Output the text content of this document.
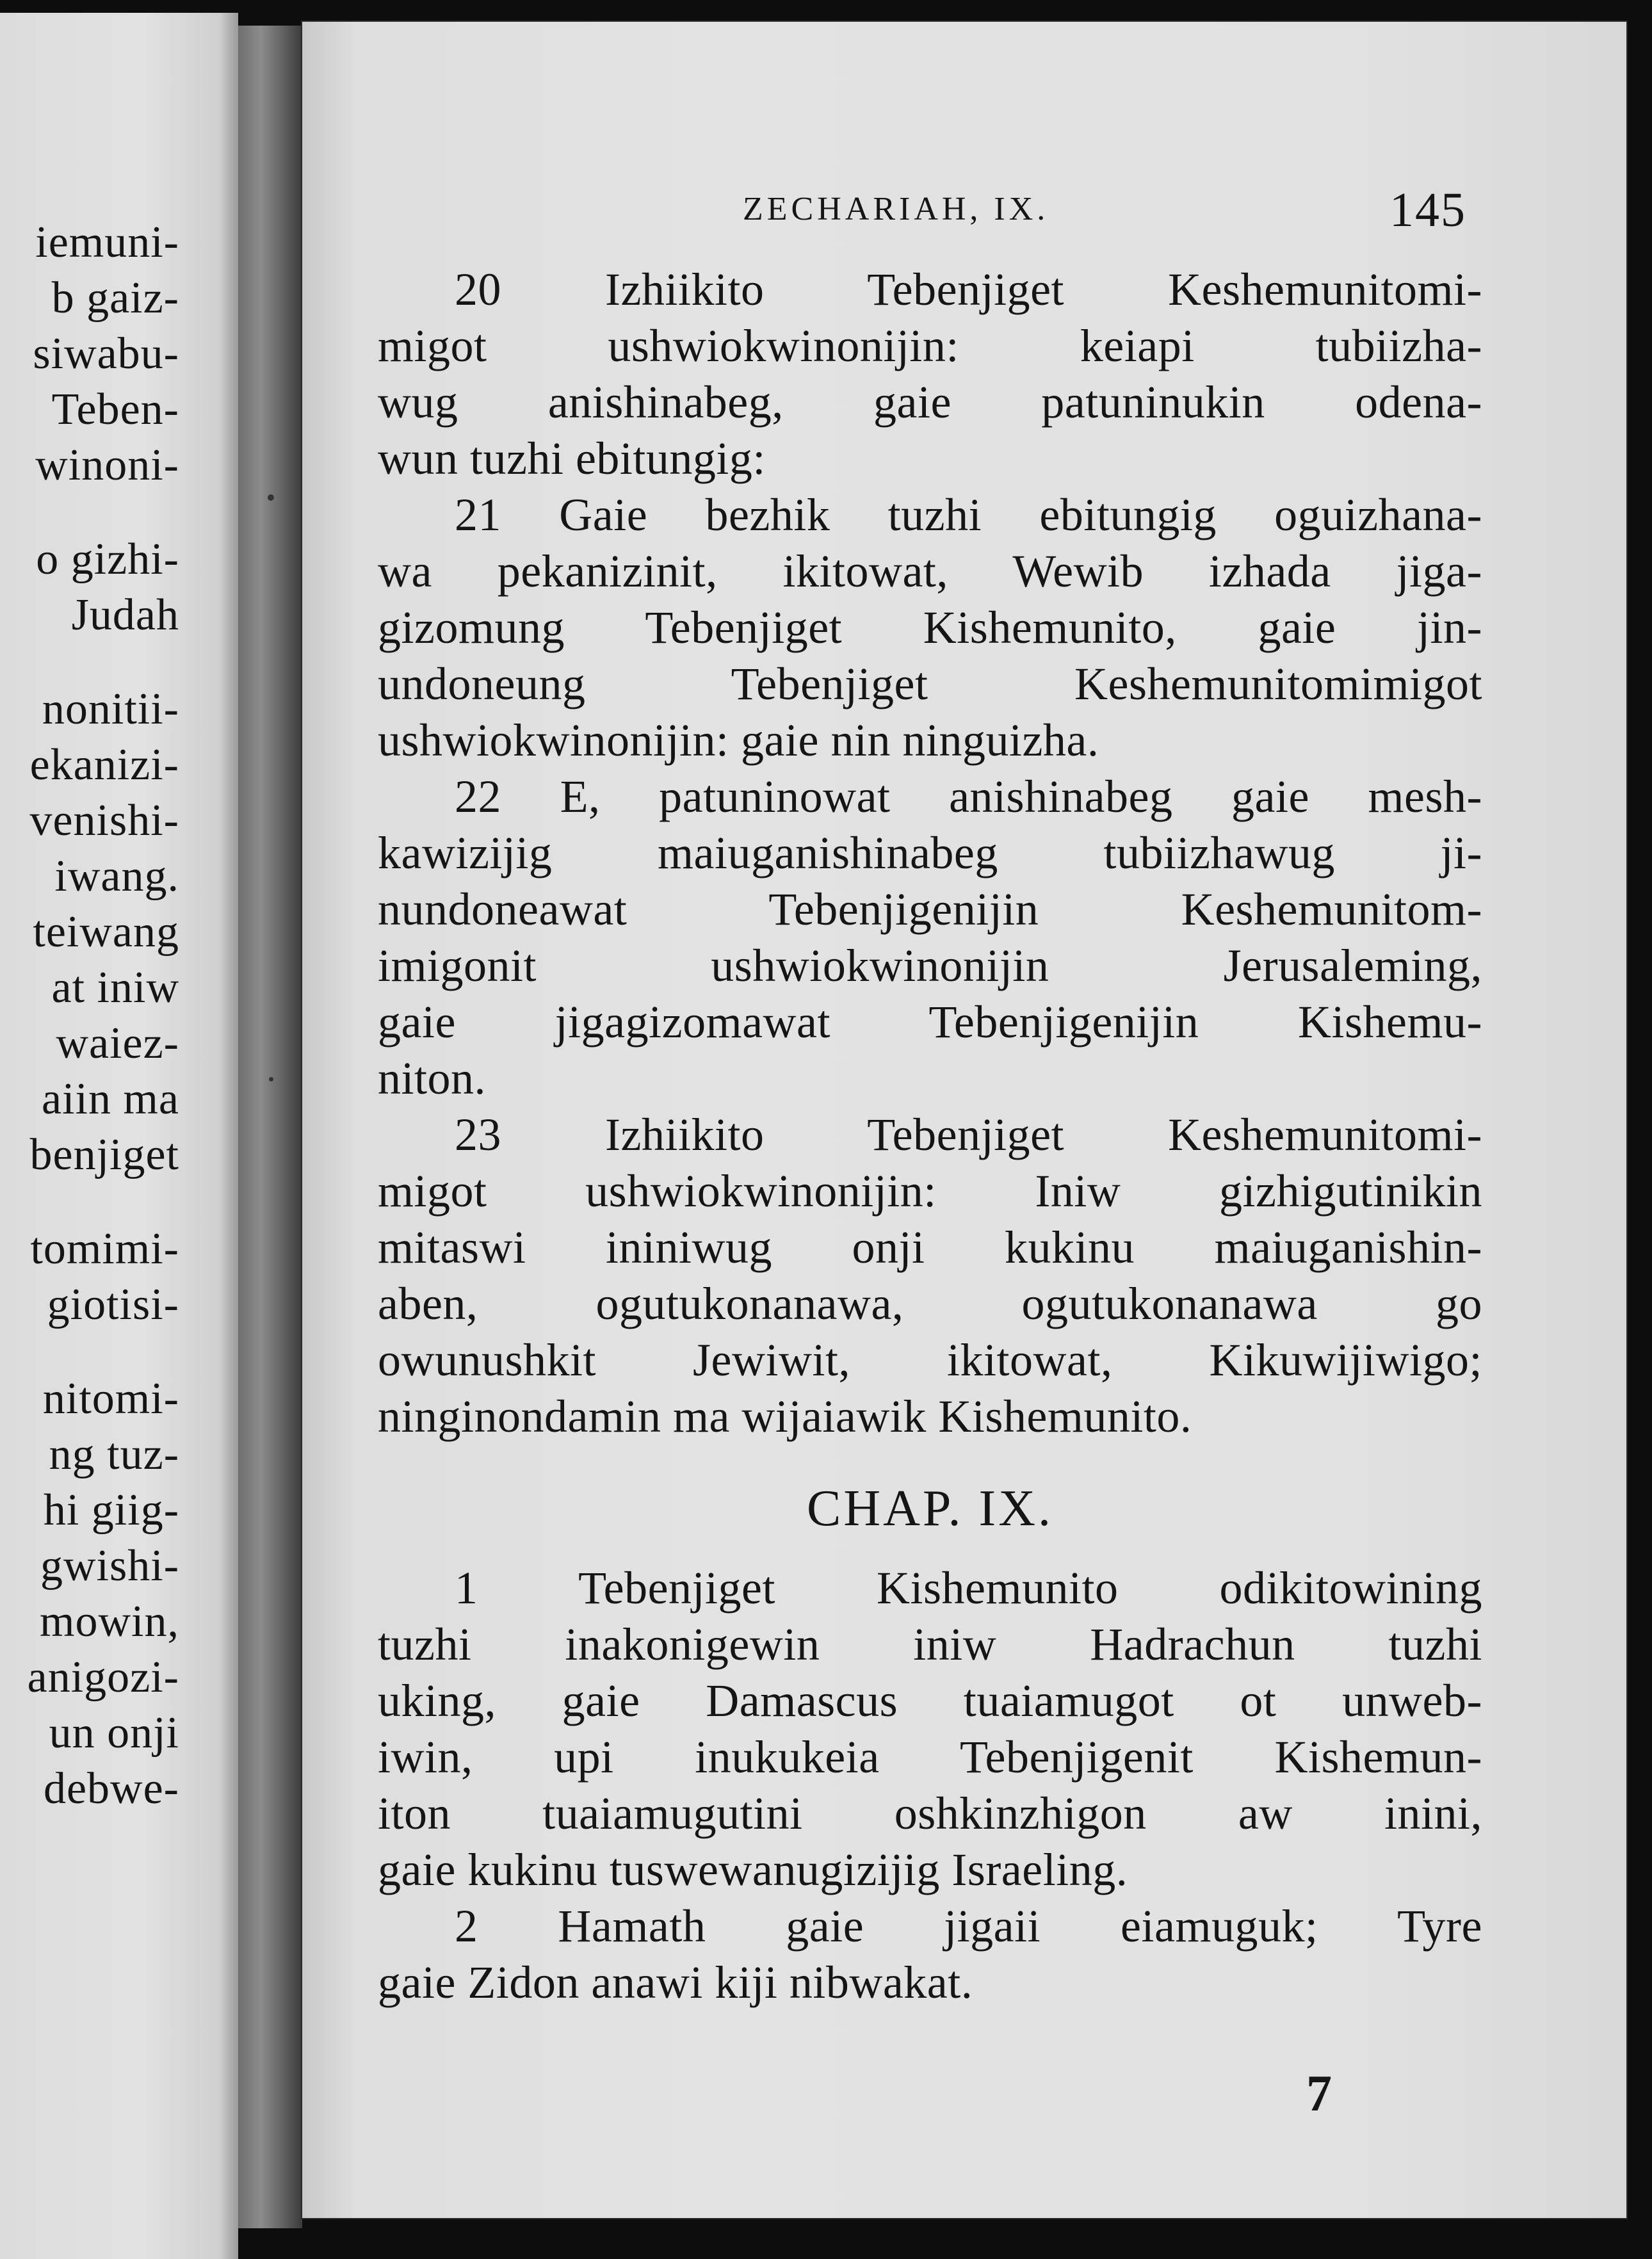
iemuni-
b gaiz-
siwabu-
Teben-
winoni-
o gizhi-
Judah
nonitii-
ekanizi-
venishi-
iwang.
teiwang
at iniw
waiez-
aiin ma
benjiget
tomimi-
giotisi-
nitomi-
ng tuz-
hi giig-
gwishi-
mowin,
anigozi-
un onji
debwe-
ZECHARIAH, IX.	145
20 Izhiikito Tebenjiget Keshemunitomi-
migot ushwiokwinonijin: keiapi tubiizha-
wug anishinabeg, gaie patuninukin odena-
wun tuzhi ebitungig:
21 Gaie bezhik tuzhi ebitungig oguizhana-
wa pekanizinit, ikitowat, Wewib izhada jiga-
gizomung Tebenjiget Kishemunito, gaie jin-
undoneung Tebenjiget Keshemunitomimigot
ushwiokwinonijin: gaie nin ninguizha.
22 E, patuninowat anishinabeg gaie mesh-
kawizijig maiuganishinabeg tubiizhawug ji-
nundoneawat Tebenjigenijin Keshemunitom-
imigonit ushwiokwinonijin Jerusaleming,
gaie jigagizomawat Tebenjigenijin Kishemu-
niton.
23 Izhiikito Tebenjiget Keshemunitomi-
migot ushwiokwinonijin: Iniw gizhigutinikin
mitaswi ininiwug onji kukinu maiuganishin-
aben, ogutukonanawa, ogutukonanawa go
owunushkit Jewiwit, ikitowat, Kikuwijiwigo;
ninginondamin ma wijaiawik Kishemunito.
CHAP. IX.
1 Tebenjiget Kishemunito odikitowining
tuzhi inakonigewin iniw Hadrachun tuzhi
uking, gaie Damascus tuaiamugot ot unweb-
iwin, upi inukukeia Tebenjigenit Kishemun-
iton tuaiamugutini oshkinzhigon aw inini,
gaie kukinu tuswewanugizijig Israeling.
2 Hamath gaie jigaii eiamuguk; Tyre
gaie Zidon anawi kiji nibwakat.
7
